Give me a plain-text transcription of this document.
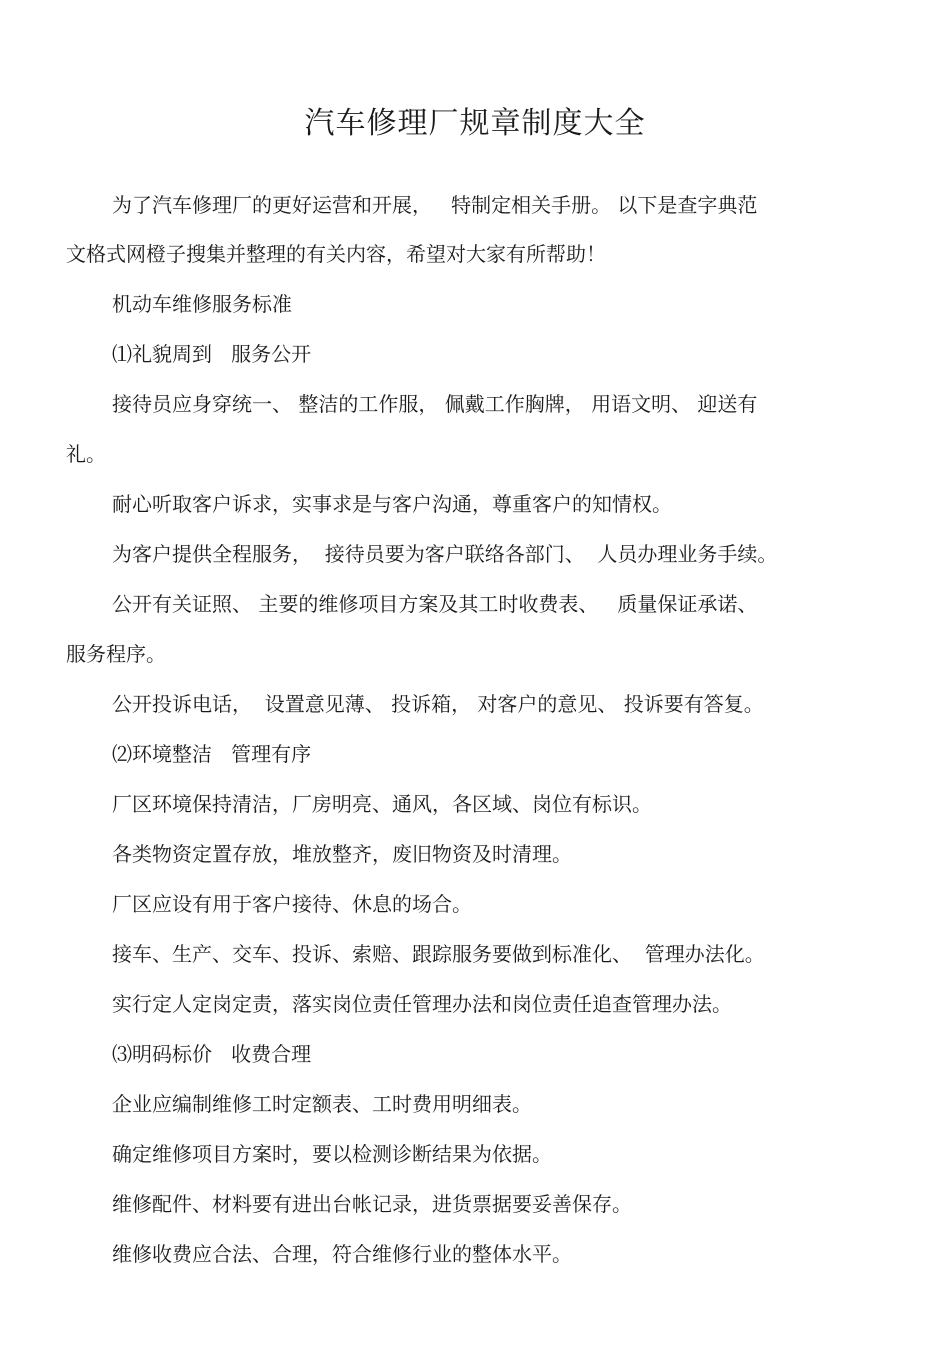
汽车修理厂规章制度大全

为了汽车修理厂的更好运营和开展，   特制定相关手册。 以下是查字典范

文格式网橙子搜集并整理的有关内容，希望对大家有所帮助！

机动车维修服务标准

⑴礼貌周到   服务公开

接待员应身穿统一、 整洁的工作服， 佩戴工作胸牌， 用语文明、 迎送有

礼。

耐心听取客户诉求，实事求是与客户沟通，尊重客户的知情权。

为客户提供全程服务，  接待员要为客户联络各部门、  人员办理业务手续。

公开有关证照、 主要的维修项目方案及其工时收费表、   质量保证承诺、

服务程序。

公开投诉电话，  设置意见薄、 投诉箱， 对客户的意见、 投诉要有答复。

⑵环境整洁   管理有序

厂区环境保持清洁，厂房明亮、通风，各区域、岗位有标识。

各类物资定置存放，堆放整齐，废旧物资及时清理。

厂区应设有用于客户接待、休息的场合。

接车、生产、交车、投诉、索赔、跟踪服务要做到标准化、  管理办法化。

实行定人定岗定责，落实岗位责任管理办法和岗位责任追查管理办法。

⑶明码标价   收费合理

企业应编制维修工时定额表、工时费用明细表。

确定维修项目方案时，要以检测诊断结果为依据。

维修配件、材料要有进出台帐记录，进货票据要妥善保存。

维修收费应合法、合理，符合维修行业的整体水平。
